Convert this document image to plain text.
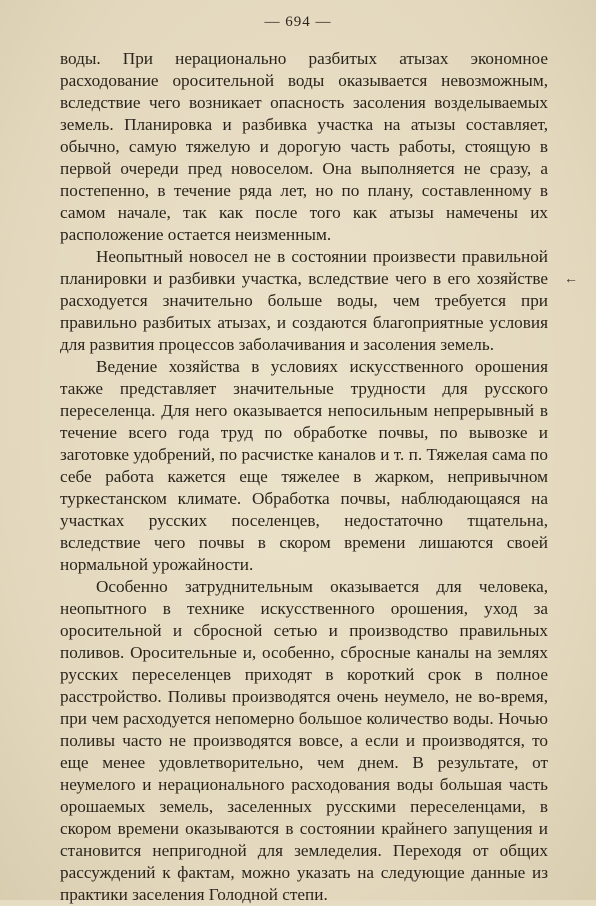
— 694 —
←

воды. При нерационально разбитых атызах экономное расходование оросительной воды оказывается невозможным, вследствие чего возникает опасность засоления возделываемых земель. Планировка и разбивка участка на атызы составляет, обычно, самую тяжелую и дорогую часть работы, стоящую в первой очереди пред новоселом. Она выполняется не сразу, а постепенно, в течение ряда лет, но по плану, составленному в самом начале, так как после того как атызы намечены их расположение остается неизменным.

Неопытный новосел не в состоянии произвести правильной планировки и разбивки участка, вследствие чего в его хозяйстве расходуется значительно больше воды, чем требуется при правильно разбитых атызах, и создаются благоприятные условия для развития процессов заболачивания и засоления земель.

Ведение хозяйства в условиях искусственного орошения также представляет значительные трудности для русского переселенца. Для него оказывается непосильным непрерывный в течение всего года труд по обработке почвы, по вывозке и заготовке удобрений, по расчистке каналов и т. п. Тяжелая сама по себе работа кажется еще тяжелее в жарком, непривычном туркестанском климате. Обработка почвы, наблюдающаяся на участках русских поселенцев, недостаточно тщательна, вследствие чего почвы в скором времени лишаются своей нормальной урожайности.

Особенно затруднительным оказывается для человека, неопытного в технике искусственного орошения, уход за оросительной и сбросной сетью и производство правильных поливов. Оросительные и, особенно, сбросные каналы на землях русских переселенцев приходят в короткий срок в полное расстройство. Поливы производятся очень неумело, не во-время, при чем расходуется непомерно большое количество воды. Ночью поливы часто не производятся вовсе, а если и производятся, то еще менее удовлетворительно, чем днем. В результате, от неумелого и нерационального расходования воды большая часть орошаемых земель, заселенных русскими переселенцами, в скором времени оказываются в состоянии крайнего запущения и становится непригодной для земледелия. Переходя от общих рассуждений к фактам, можно указать на следующие данные из практики заселения Голодной степи.
